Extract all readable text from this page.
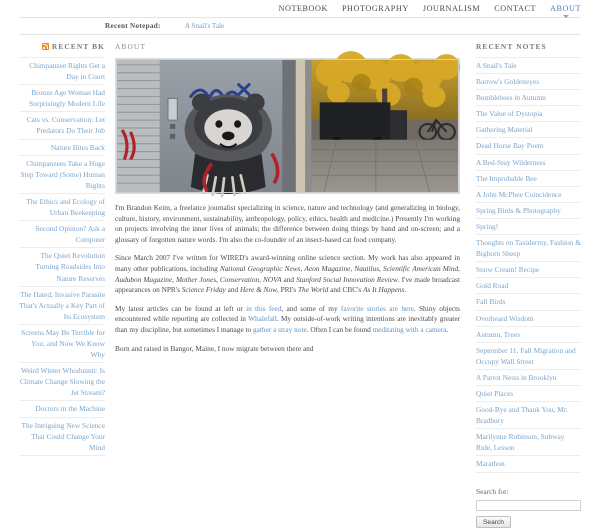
NOTEBOOK PHOTOGRAPHY JOURNALISM CONTACT ABOUT
Recent Notepad:	A Snail's Tale
RECENT BK
Chimpanzee Rights Get a Day in Court
Bronze Age Woman Had Surprisingly Modern Life
Cats vs. Conservation: Let Predators Do Their Job
Nature Bites Back
Chimpanzees Take a Huge Step Toward (Some) Human Rights
The Ethics and Ecology of Urban Beekeeping
Second Opinion? Ask a Computer
The Quiet Revolution Turning Roadsides Into Nature Reserves
The Hated, Invasive Parasite That's Actually a Key Part of Its Ecosystem
Screens May Be Terrible for You, and Now We Know Why
Weird Winter Whodunnit: Is Climate Change Slowing the Jet Stream?
Doctors in the Machine
The Intriguing New Science That Could Change Your Mind
ABOUT

I'm Brandon Keim, a freelance journalist specializing in science, nature and technology (and generalizing in biology, culture, history, environment, sustainability, anthropology, policy, ethics, health and medicine.) Presently I'm working on projects involving the inner lives of animals; the difference between doing things by hand and on-screen; and a glossary of forgotten nature words. I'm also the co-founder of an insect-based cat food company.

Since March 2007 I've written for WIRED's award-winning online science section. My work has also appeared in many other publications, including National Geographic News, Aeon Magazine, Nautilus, Scientific American Mind, Audubon Magazine, Mother Jones, Conservation, NOVA and Stanford Social Innovation Review. I've made broadcast appearances on NPR's Science Friday and Here & Now, PRI's The World and CBC's As It Happens.

My latest articles can be found at left or in this feed, and some of my favorite stories are here. Shiny objects encountered while reporting are collected in Whalefall. My outside-of-work writing intentions are inevitably greater than my discipline, but sometimes I manage to gather a stray note. Often I can be found meditating with a camera.

Born and raised in Bangor, Maine, I now migrate between there and

RECENT NOTES
A Snail's Tale
Barrow's Goldeneyes
Bumblebees in Autumn
The Value of Dystopia
Gathering Material
Dead Horse Bay Poem
A Bed-Stuy Wilderness
The Improbable Bee
A John McPhee Coincidence
Spring Birds & Photography
Spring!
Thoughts on Taxidermy, Fashion & Bighorn Sheep
Snow Cream! Recipe
Gold Road
Fall Birds
Overheard Wisdom
Autumn, Trees
September 11, Fall Migration and Occupy Wall Street
A Parrot Nests in Brooklyn
Quiet Places
Good-Bye and Thank You, Mr. Bradbury
Marilynne Robinson, Subway Ride, Lesson
Marathon
Search for:
Search
